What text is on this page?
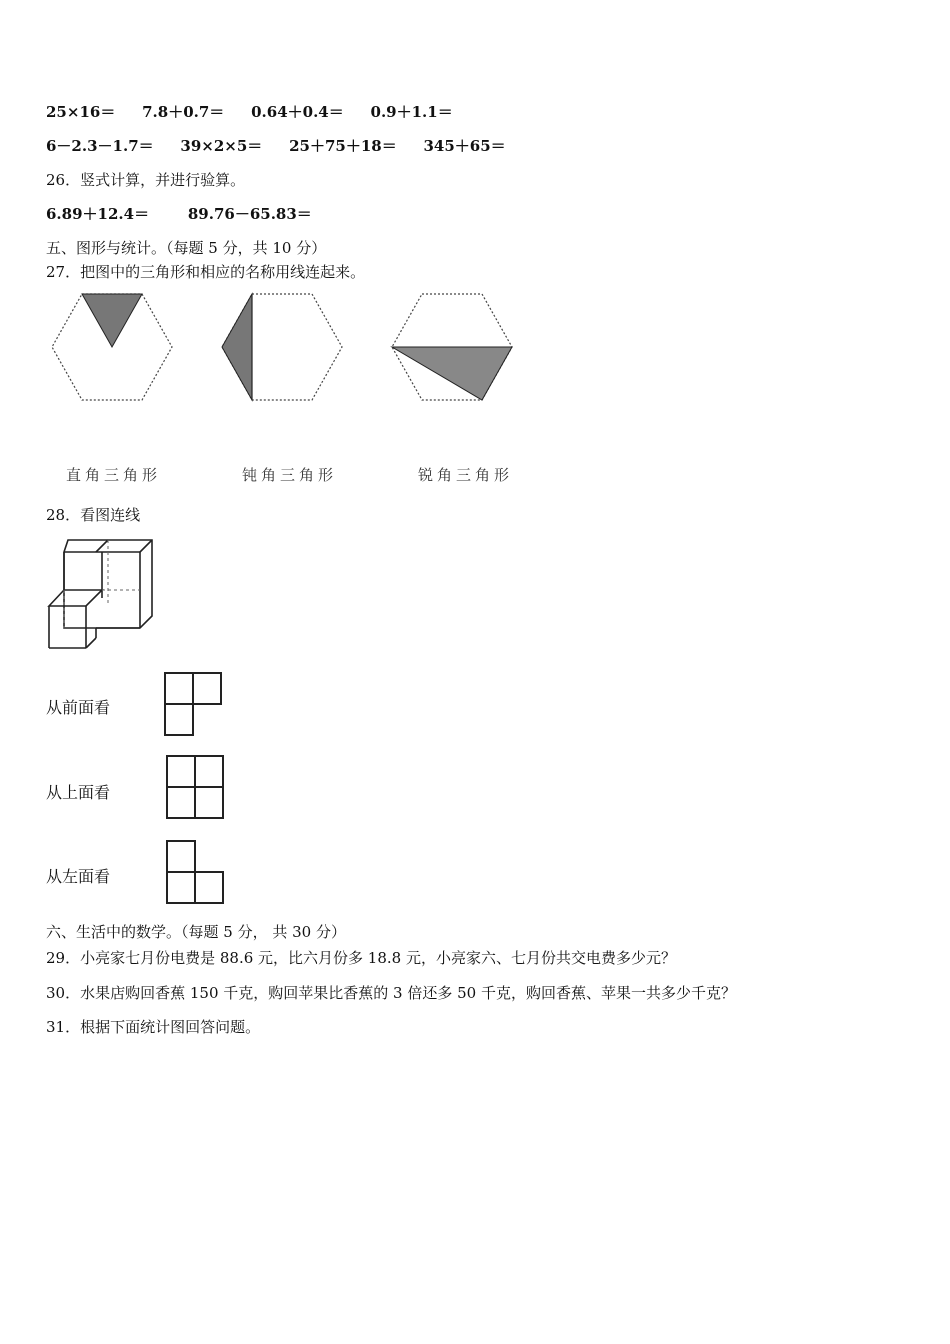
25×16＝ 7.8＋0.7＝ 0.64＋0.4＝ 0.9＋1.1＝
6－2.3－1.7＝ 39×2×5＝ 25＋75＋18＝ 345＋65＝
26．竖式计算，并进行验算。
6.89＋12.4＝	89.76－65.83＝
五、图形与统计。（每题 5 分，共 10 分）
27．把图中的三角形和相应的名称用线连起来。
直角三角形	钝角三角形	锐角三角形
28．看图连线
从前面看
从上面看
从左面看
六、生活中的数学。（每题 5 分， 共 30 分）
29．小亮家七月份电费是 88.6 元，比六月份多 18.8 元，小亮家六、七月份共交电费多少元？
30．水果店购回香蕉 150 千克，购回苹果比香蕉的 3 倍还多 50 千克，购回香蕉、苹果一共多少千克？
31．根据下面统计图回答问题。
